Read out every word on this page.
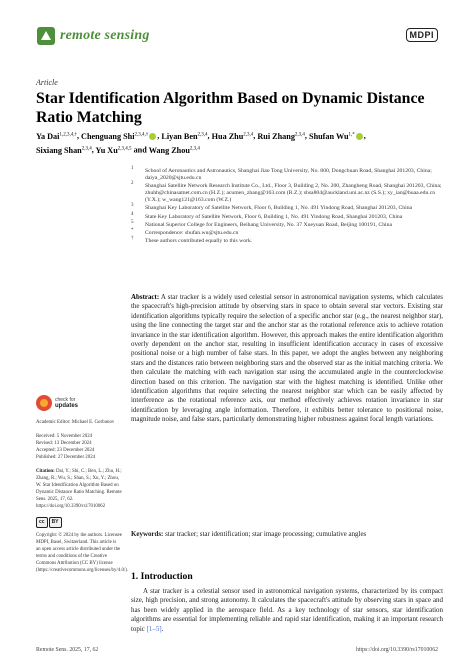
remote sensing	MDPI
Article
Star Identification Algorithm Based on Dynamic Distance Ratio Matching
Ya Dai$^{1,2,3,4,\dagger}$, Chenguang Shi$^{2,3,4,\dagger}$ , Liyan Ben$^{2,3,4}$, Hua Zhu$^{2,3,4}$, Rui Zhang$^{2,3,4}$, Shufan $Wu^{1,*}$ ,
Sixiang Shan$^{2,3,4}$, Yu Xu$^{2,3,4,5}$ and Wang Zhou$^{2,3,4}$
1	School of Aeronautics and Astronautics, Shanghai Jiao Tong University, No. 800, Dongchuan Road, Shanghai 201203, China; daiya_2020@sjtu.edu.cn
2	Shanghai Satellite Network Research Institute Co., Ltd., Floor 3, Building 2, No. 200, Zhangheng Road, Shanghai 201203, China; zhuhh@chinasatnet.com.cn (H.Z.); acumen_zhang@163.com (R.Z.); shsa804@auckland.uni.ac.nz (S.S.); xy_ian@buaa.edu.cn (Y.X.); w_wang121@163.com (W.Z.)
3	Shanghai Key Laboratory of Satellite Network, Floor 6, Building 1, No. 491 Yindong Road, Shanghai 201203, China
4	State Key Laboratory of Satellite Network, Floor 6, Building 1, No. 491 Yindong Road, Shanghai 201203, China
5	National Superior College for Engineers, Beihang University, No. 37 Xueyuan Road, Beijing 100191, China
*	Correspondence: shufan.wu@sjtu.edu.cn
†	These authors contributed equally to this work.
Abstract: A star tracker is a widely used celestial sensor in astronomical navigation systems, which calculates the spacecraft's high-precision attitude by observing stars in space to obtain several star vectors. Existing star identification algorithms typically require the selection of a specific anchor star (e.g., the nearest neighbor star), using the line connecting the target star and the anchor star as the rotational reference axis to achieve rotation invariance in the star identification algorithm. However, this approach makes the entire identification algorithm overly dependent on the anchor star, resulting in insufficient identification accuracy in cases of excessive positional noise or a high number of false stars. In this paper, we adopt the angles between any neighboring stars and the distances ratio between neighboring stars and the observed star as the initial matching criteria. We then calculate the matching with each navigation star using the accumulated angle in the counterclockwise direction based on this criterion. The navigation star with the highest matching is identified. Unlike other identification algorithms that require selecting the nearest neighbor star which can be easily affected by interference as the rotational reference axis, our method effectively achieves rotation invariance in star identification by leveraging angle information. Therefore, it exhibits better tolerance to positional noise, magnitude noise, and false stars, particularly demonstrating higher robustness against focal length variations.
Keywords: star tracker; star identification; star image processing; cumulative angles
check for
updates
Academic Editor: Michael E. Gorbunov
Received: 5 November 2024
Revised: 13 December 2024
Accepted: 23 December 2024
Published: 27 December 2024
Citation: Dai, Y.; Shi, C.; Ben, L.; Zhu, H.; Zhang, R.; Wu, S.; Shan, S.; Xu, Y.; Zhou, W. Star Identification Algorithm Based on Dynamic Distance Ratio Matching. Remote Sens. 2025, 17, 62. https://doi.org/10.3390/rs17010062
cc	BY
Copyright: © 2024 by the authors. Licensee MDPI, Basel, Switzerland. This article is an open access article distributed under the terms and conditions of the Creative Commons Attribution (CC BY) license (https://creativecommons.org/licenses/by/4.0/).
1. Introduction
A star tracker is a celestial sensor used in astronomical navigation systems, characterized by its compact size, high precision, and strong autonomy. It calculates the spacecraft's attitude by observing stars in space and has been widely applied in the aerospace field. As a key technology of star sensors, star identification algorithms are essential for implementing reliable and rapid star identification, making it an important research topic [1–5].
Remote Sens. 2025, 17, 62	https://doi.org/10.3390/rs17010062
